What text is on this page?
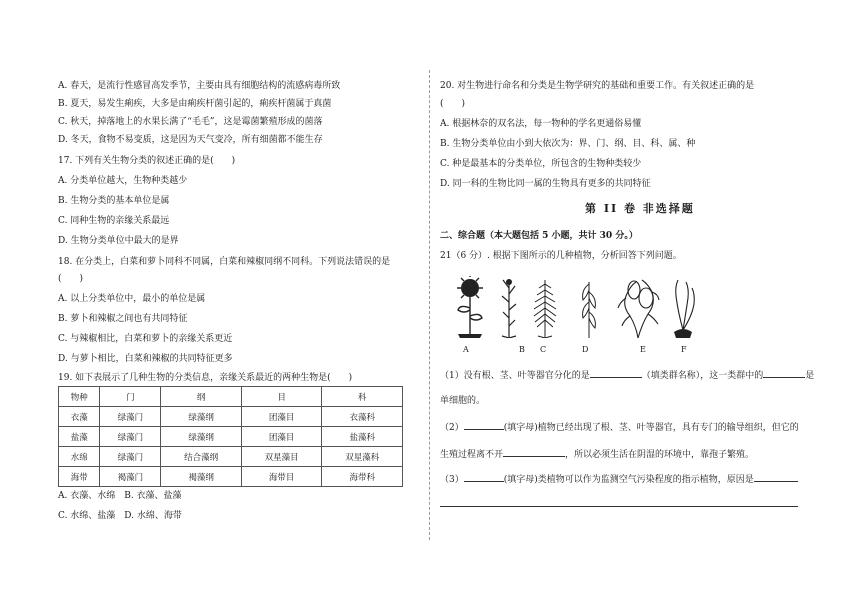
A. 春天，是流行性感冒高发季节，主要由具有细胞结构的流感病毒所致
B. 夏天，易发生痢疾，大多是由痢疾杆菌引起的，痢疾杆菌属于真菌
C. 秋天，掉落地上的水果长满了“毛毛”，这是霉菌繁殖形成的菌落
D. 冬天，食物不易变质，这是因为天气变冷，所有细菌都不能生存
17. 下列有关生物分类的叙述正确的是(　　)
A. 分类单位越大，生物种类越少
B. 生物分类的基本单位是属
C. 同种生物的亲缘关系最远
D. 生物分类单位中最大的是界
18. 在分类上，白菜和萝卜同科不同属，白菜和辣椒同纲不同科。下列说法错误的是
(　　)
A. 以上分类单位中，最小的单位是属
B. 萝卜和辣椒之间也有共同特征
C. 与辣椒相比，白菜和萝卜的亲缘关系更近
D. 与萝卜相比，白菜和辣椒的共同特征更多
19. 如下表展示了几种生物的分类信息，亲缘关系最近的两种生物是(　　)
物种	门	纲	目	科
衣藻	绿藻门	绿藻纲	团藻目	衣藻科
盐藻	绿藻门	绿藻纲	团藻目	盐藻科
水绵	绿藻门	结合藻纲	双星藻目	双星藻科
海带	褐藻门	褐藻纲	海带目	海带科
A. 衣藻、水绵　B. 衣藻、盐藻
C. 水绵、盐藻　D. 水绵、海带
20. 对生物进行命名和分类是生物学研究的基础和重要工作。有关叙述正确的是
(　　)
A. 根据林奈的双名法，每一物种的学名更通俗易懂
B. 生物分类单位由小到大依次为：界、门、纲、目、科、属、种
C. 种是最基本的分类单位，所包含的生物种类较少
D. 同一科的生物比同一属的生物具有更多的共同特征
第 II 卷 非选择题
二、综合题（本大题包括 5 小题，共计 30 分。）
21（6 分）. 根据下图所示的几种植物，分析回答下列问题。
A	B C	D	E	F
（1）没有根、茎、叶等器官分化的是	（填类群名称），这一类群中的	是
单细胞的。
（2）	(填字母)植物已经出现了根、茎、叶等器官，具有专门的输导组织，但它的
生殖过程离不开	，所以必须生活在阴湿的环境中，靠孢子繁殖。
（3）	(填字母)类植物可以作为监测空气污染程度的指示植物，原因是
